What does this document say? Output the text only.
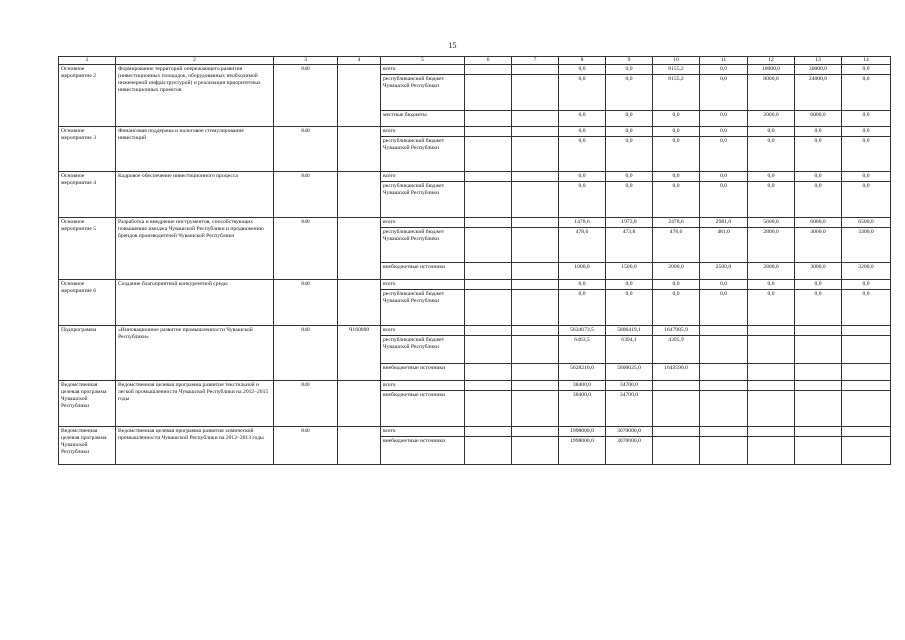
15
1	2	3	4	5	6	7	8	9	10	11	12	13	14
Основное мероприятие 2	Формирование территорий опережающего развития (инвестиционных площадок, оборудованных необходимой инженерной инфраструктурой) и реализация приоритетных инвестиционных проектов	840		всего			0,0	0,0	8155,2	0,0	10000,0	30000,0	0,0
				республиканский бюджет Чувашской Республики			0,0	0,0	8155,2	0,0	8000,0	24000,0	0,0
				местные бюджеты			0,0	0,0	0,0	0,0	2000,0	6000,0	0,0
Основное мероприятие 3	Финансовая поддержка и налоговое стимулирование инвестиций	840		всего			0,0	0,0	0,0	0,0	0,0	0,0	0,0
				республиканский бюджет Чувашской Республики			0,0	0,0	0,0	0,0	0,0	0,0	0,0
Основное мероприятие 4	Кадровое обеспечение инвестиционного процесса	840		всего			0,0	0,0	0,0	0,0	0,0	0,0	0,0
				республиканский бюджет Чувашской Республики			0,0	0,0	0,0	0,0	0,0	0,0	0,0
Основное мероприятие 5	Разработка и внедрение инструментов, способствующих повышению имиджа Чувашской Республики и продвижению брендов производителей Чувашской Республики	840		всего			1478,6	1973,8	2478,6	2981,0	5600,0	6060,0	6500,0
				республиканский бюджет Чувашской Республики			478,6	473,8	478,6	481,0	2800,0	3060,0	3300,0
				внебюджетные источники			1000,0	1500,0	2000,0	2500,0	2800,0	3000,0	3200,0
Основное мероприятие 6	Создание благоприятной конкурентной среды	840		всего			0,0	0,0	0,0	0,0	0,0	0,0	0,0
				республиканский бюджет Чувашской Республики			0,0	0,0	0,0	0,0	0,0	0,0	0,0
Подпрограмма	«Инновационное развитие промышленности Чувашской Республики»	840	Ч160000	всего			5634673,5	5806419,1	1647985,9				
				республиканский бюджет Чувашской Республики			6463,5	6394,1	4395,9				
				внебюджетные источники			5628210,0	5800025,0	1643590,0				
Ведомственная целевая программа Чувашской Республики	Ведомственная целевая программа развития текстильной и легкой промышленности Чувашской Республики на 2012–2015 годы	840		всего			38400,0	34700,0					
				внебюджетные источники			38400,0	34700,0					
Ведомственная целевая программа Чувашской Республики	Ведомственная целевая программа развития химической промышленности Чувашской Республики на 2012–2013 годы	840		всего			1998000,0	3070000,0					
				внебюджетные источники			1998000,0	3070000,0					
